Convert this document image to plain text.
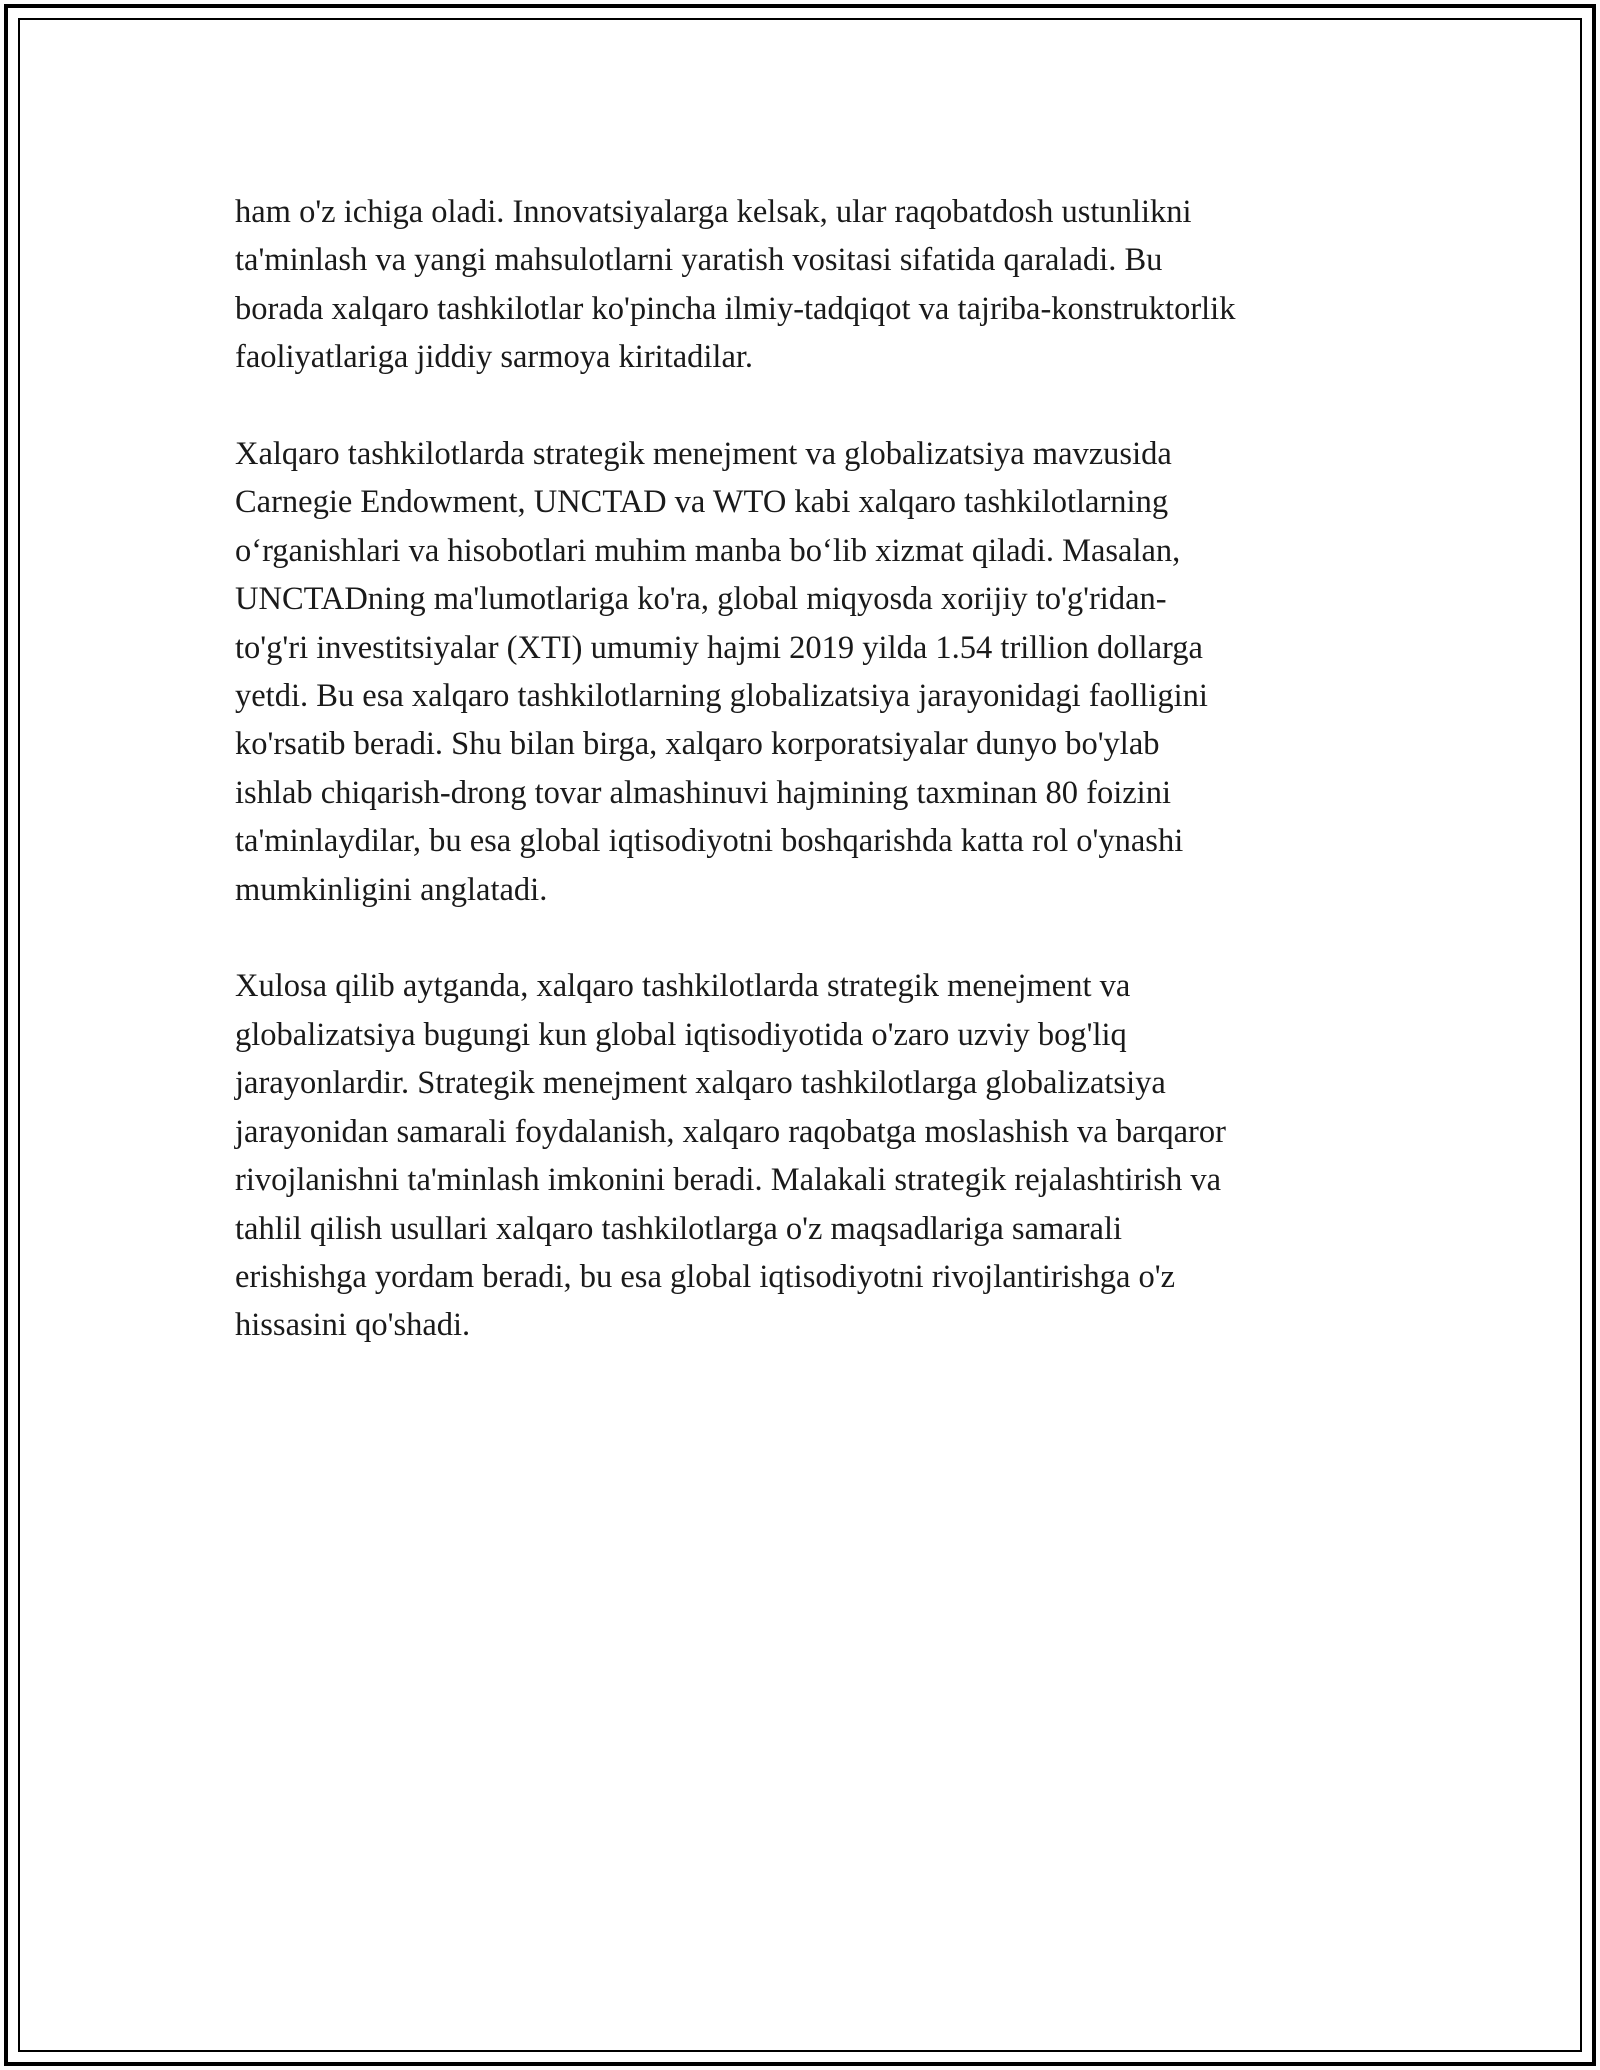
ham o'z ichiga oladi. Innovatsiyalarga kelsak, ular raqobatdosh ustunlikni
ta'minlash va yangi mahsulotlarni yaratish vositasi sifatida qaraladi. Bu
borada xalqaro tashkilotlar ko'pincha ilmiy-tadqiqot va tajriba-konstruktorlik
faoliyatlariga jiddiy sarmoya kiritadilar.

Xalqaro tashkilotlarda strategik menejment va globalizatsiya mavzusida
Carnegie Endowment, UNCTAD va WTO kabi xalqaro tashkilotlarning
o‘rganishlari va hisobotlari muhim manba bo‘lib xizmat qiladi. Masalan,
UNCTADning ma'lumotlariga ko'ra, global miqyosda xorijiy to'g'ridan-
to'g'ri investitsiyalar (XTI) umumiy hajmi 2019 yilda 1.54 trillion dollarga
yetdi. Bu esa xalqaro tashkilotlarning globalizatsiya jarayonidagi faolligini
ko'rsatib beradi. Shu bilan birga, xalqaro korporatsiyalar dunyo bo'ylab
ishlab chiqarish-drong tovar almashinuvi hajmining taxminan 80 foizini
ta'minlaydilar, bu esa global iqtisodiyotni boshqarishda katta rol o'ynashi
mumkinligini anglatadi.

Xulosa qilib aytganda, xalqaro tashkilotlarda strategik menejment va
globalizatsiya bugungi kun global iqtisodiyotida o'zaro uzviy bog'liq
jarayonlardir. Strategik menejment xalqaro tashkilotlarga globalizatsiya
jarayonidan samarali foydalanish, xalqaro raqobatga moslashish va barqaror
rivojlanishni ta'minlash imkonini beradi. Malakali strategik rejalashtirish va
tahlil qilish usullari xalqaro tashkilotlarga o'z maqsadlariga samarali
erishishga yordam beradi, bu esa global iqtisodiyotni rivojlantirishga o'z
hissasini qo'shadi.
